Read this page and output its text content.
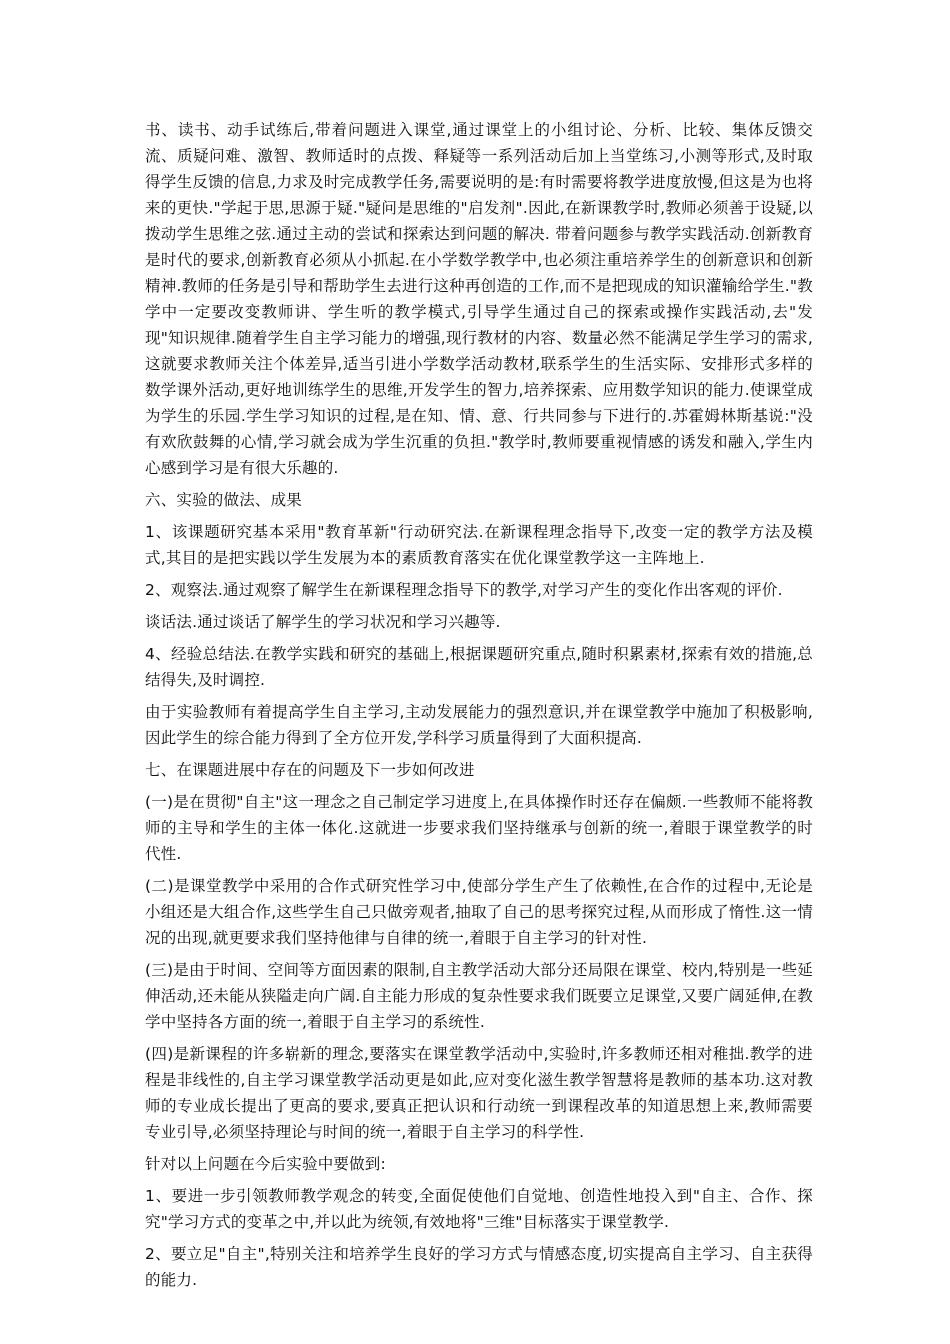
书、读书、动手试练后,带着问题进入课堂,通过课堂上的小组讨论、分析、比较、集体反馈交流、质疑问难、激智、教师适时的点拨、释疑等一系列活动后加上当堂练习,小测等形式,及时取得学生反馈的信息,力求及时完成教学任务,需要说明的是:有时需要将教学进度放慢,但这是为也将来的更快."学起于思,思源于疑."疑问是思维的"启发剂".因此,在新课教学时,教师必须善于设疑,以拨动学生思维之弦.通过主动的尝试和探索达到问题的解决. 带着问题参与教学实践活动.创新教育是时代的要求,创新教育必须从小抓起.在小学数学教学中,也必须注重培养学生的创新意识和创新精神.教师的任务是引导和帮助学生去进行这种再创造的工作,而不是把现成的知识灌输给学生."教学中一定要改变教师讲、学生听的教学模式,引导学生通过自己的探索或操作实践活动,去"发现"知识规律.随着学生自主学习能力的增强,现行教材的内容、数量必然不能满足学生学习的需求,这就要求教师关注个体差异,适当引进小学数学活动教材,联系学生的生活实际、安排形式多样的数学课外活动,更好地训练学生的思维,开发学生的智力,培养探索、应用数学知识的能力.使课堂成为学生的乐园.学生学习知识的过程,是在知、情、意、行共同参与下进行的.苏霍姆林斯基说:"没有欢欣鼓舞的心情,学习就会成为学生沉重的负担."教学时,教师要重视情感的诱发和融入,学生内心感到学习是有很大乐趣的.

六、实验的做法、成果

1、该课题研究基本采用"教育革新"行动研究法.在新课程理念指导下,改变一定的教学方法及模式,其目的是把实践以学生发展为本的素质教育落实在优化课堂教学这一主阵地上.

2、观察法.通过观察了解学生在新课程理念指导下的教学,对学习产生的变化作出客观的评价.

谈话法.通过谈话了解学生的学习状况和学习兴趣等.

4、经验总结法.在教学实践和研究的基础上,根据课题研究重点,随时积累素材,探索有效的措施,总结得失,及时调控.

由于实验教师有着提高学生自主学习,主动发展能力的强烈意识,并在课堂教学中施加了积极影响,因此学生的综合能力得到了全方位开发,学科学习质量得到了大面积提高.

七、在课题进展中存在的问题及下一步如何改进

(一)是在贯彻"自主"这一理念之自己制定学习进度上,在具体操作时还存在偏颇.一些教师不能将教师的主导和学生的主体一体化.这就进一步要求我们坚持继承与创新的统一,着眼于课堂教学的时代性.

(二)是课堂教学中采用的合作式研究性学习中,使部分学生产生了依赖性,在合作的过程中,无论是小组还是大组合作,这些学生自己只做旁观者,抽取了自己的思考探究过程,从而形成了惰性.这一情况的出现,就更要求我们坚持他律与自律的统一,着眼于自主学习的针对性.

(三)是由于时间、空间等方面因素的限制,自主教学活动大部分还局限在课堂、校内,特别是一些延伸活动,还未能从狭隘走向广阔.自主能力形成的复杂性要求我们既要立足课堂,又要广阔延伸,在教学中坚持各方面的统一,着眼于自主学习的系统性.

(四)是新课程的许多崭新的理念,要落实在课堂教学活动中,实验时,许多教师还相对稚拙.教学的进程是非线性的,自主学习课堂教学活动更是如此,应对变化滋生教学智慧将是教师的基本功.这对教师的专业成长提出了更高的要求,要真正把认识和行动统一到课程改革的知道思想上来,教师需要专业引导,必须坚持理论与时间的统一,着眼于自主学习的科学性.

针对以上问题在今后实验中要做到:

1、要进一步引领教师教学观念的转变,全面促使他们自觉地、创造性地投入到"自主、合作、探究"学习方式的变革之中,并以此为统领,有效地将"三维"目标落实于课堂教学.

2、要立足"自主",特别关注和培养学生良好的学习方式与情感态度,切实提高自主学习、自主获得的能力.
